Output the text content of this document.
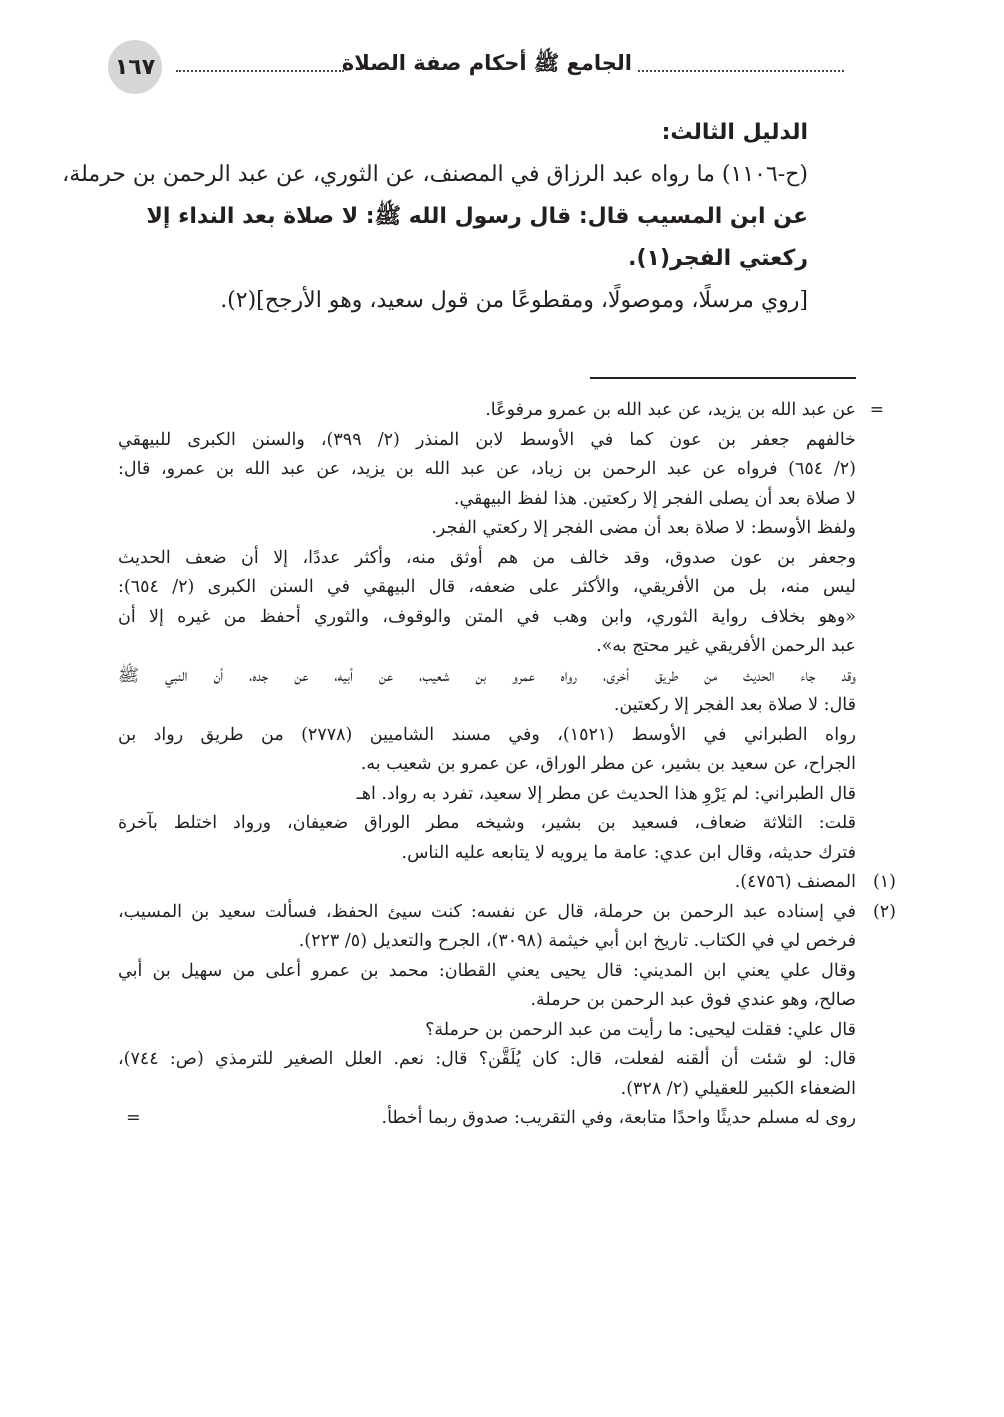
١٦٧	الجامع ﷺ أحكام صفة الصلاة
الدليل الثالث:
(ح-١١٠٦) ما رواه عبد الرزاق في المصنف، عن الثوري، عن عبد الرحمن بن حرملة،
عن ابن المسيب قال: قال رسول الله ﷺ: لا صلاة بعد النداء إلا
ركعتي الفجر(١).
[روي مرسلًا، وموصولًا، ومقطوعًا من قول سعيد، وهو الأرجح](٢).
=
عن عبد الله بن يزيد، عن عبد الله بن عمرو مرفوعًا.
خالفهم جعفر بن عون كما في الأوسط لابن المنذر (٢/ ٣٩٩)، والسنن الكبرى للبيهقي
(٢/ ٦٥٤) فرواه عن عبد الرحمن بن زياد، عن عبد الله بن يزيد، عن عبد الله بن عمرو، قال:
لا صلاة بعد أن يصلى الفجر إلا ركعتين. هذا لفظ البيهقي.
ولفظ الأوسط: لا صلاة بعد أن مضى الفجر إلا ركعتي الفجر.
وجعفر بن عون صدوق، وقد خالف من هم أوثق منه، وأكثر عددًا، إلا أن ضعف الحديث
ليس منه، بل من الأفريقي، والأكثر على ضعفه، قال البيهقي في السنن الكبرى (٢/ ٦٥٤):
«وهو بخلاف رواية الثوري، وابن وهب في المتن والوقوف، والثوري أحفظ من غيره إلا أن
عبد الرحمن الأفريقي غير محتج به».
وقد جاء الحديث من طريق أخرى، رواه عمرو بن شعيب، عن أبيه، عن جده، أن النبي ﷺ
قال: لا صلاة بعد الفجر إلا ركعتين.
رواه الطبراني في الأوسط (١٥٢١)، وفي مسند الشاميين (٢٧٧٨) من طريق رواد بن
الجراح، عن سعيد بن بشير، عن مطر الوراق، عن عمرو بن شعيب به.
قال الطبراني: لم يَرْوِ هذا الحديث عن مطر إلا سعيد، تفرد به رواد. اهـ
قلت: الثلاثة ضعاف، فسعيد بن بشير، وشيخه مطر الوراق ضعيفان، ورواد اختلط بآخرة
فترك حديثه، وقال ابن عدي: عامة ما يرويه لا يتابعه عليه الناس.
(١)
المصنف (٤٧٥٦).
(٢)
في إسناده عبد الرحمن بن حرملة، قال عن نفسه: كنت سيئ الحفظ، فسألت سعيد بن المسيب،
فرخص لي في الكتاب. تاريخ ابن أبي خيثمة (٣٠٩٨)، الجرح والتعديل (٥/ ٢٢٣).
وقال علي يعني ابن المديني: قال يحيى يعني القطان: محمد بن عمرو أعلى من سهيل بن أبي
صالح، وهو عندي فوق عبد الرحمن بن حرملة.
قال علي: فقلت ليحيى: ما رأيت من عبد الرحمن بن حرملة؟
قال: لو شئت أن ألقنه لفعلت، قال: كان يُلَقَّن؟ قال: نعم. العلل الصغير للترمذي (ص: ٧٤٤)،
الضعفاء الكبير للعقيلي (٢/ ٣٢٨).
روى له مسلم حديثًا واحدًا متابعة، وفي التقريب: صدوق ربما أخطأ.
=
